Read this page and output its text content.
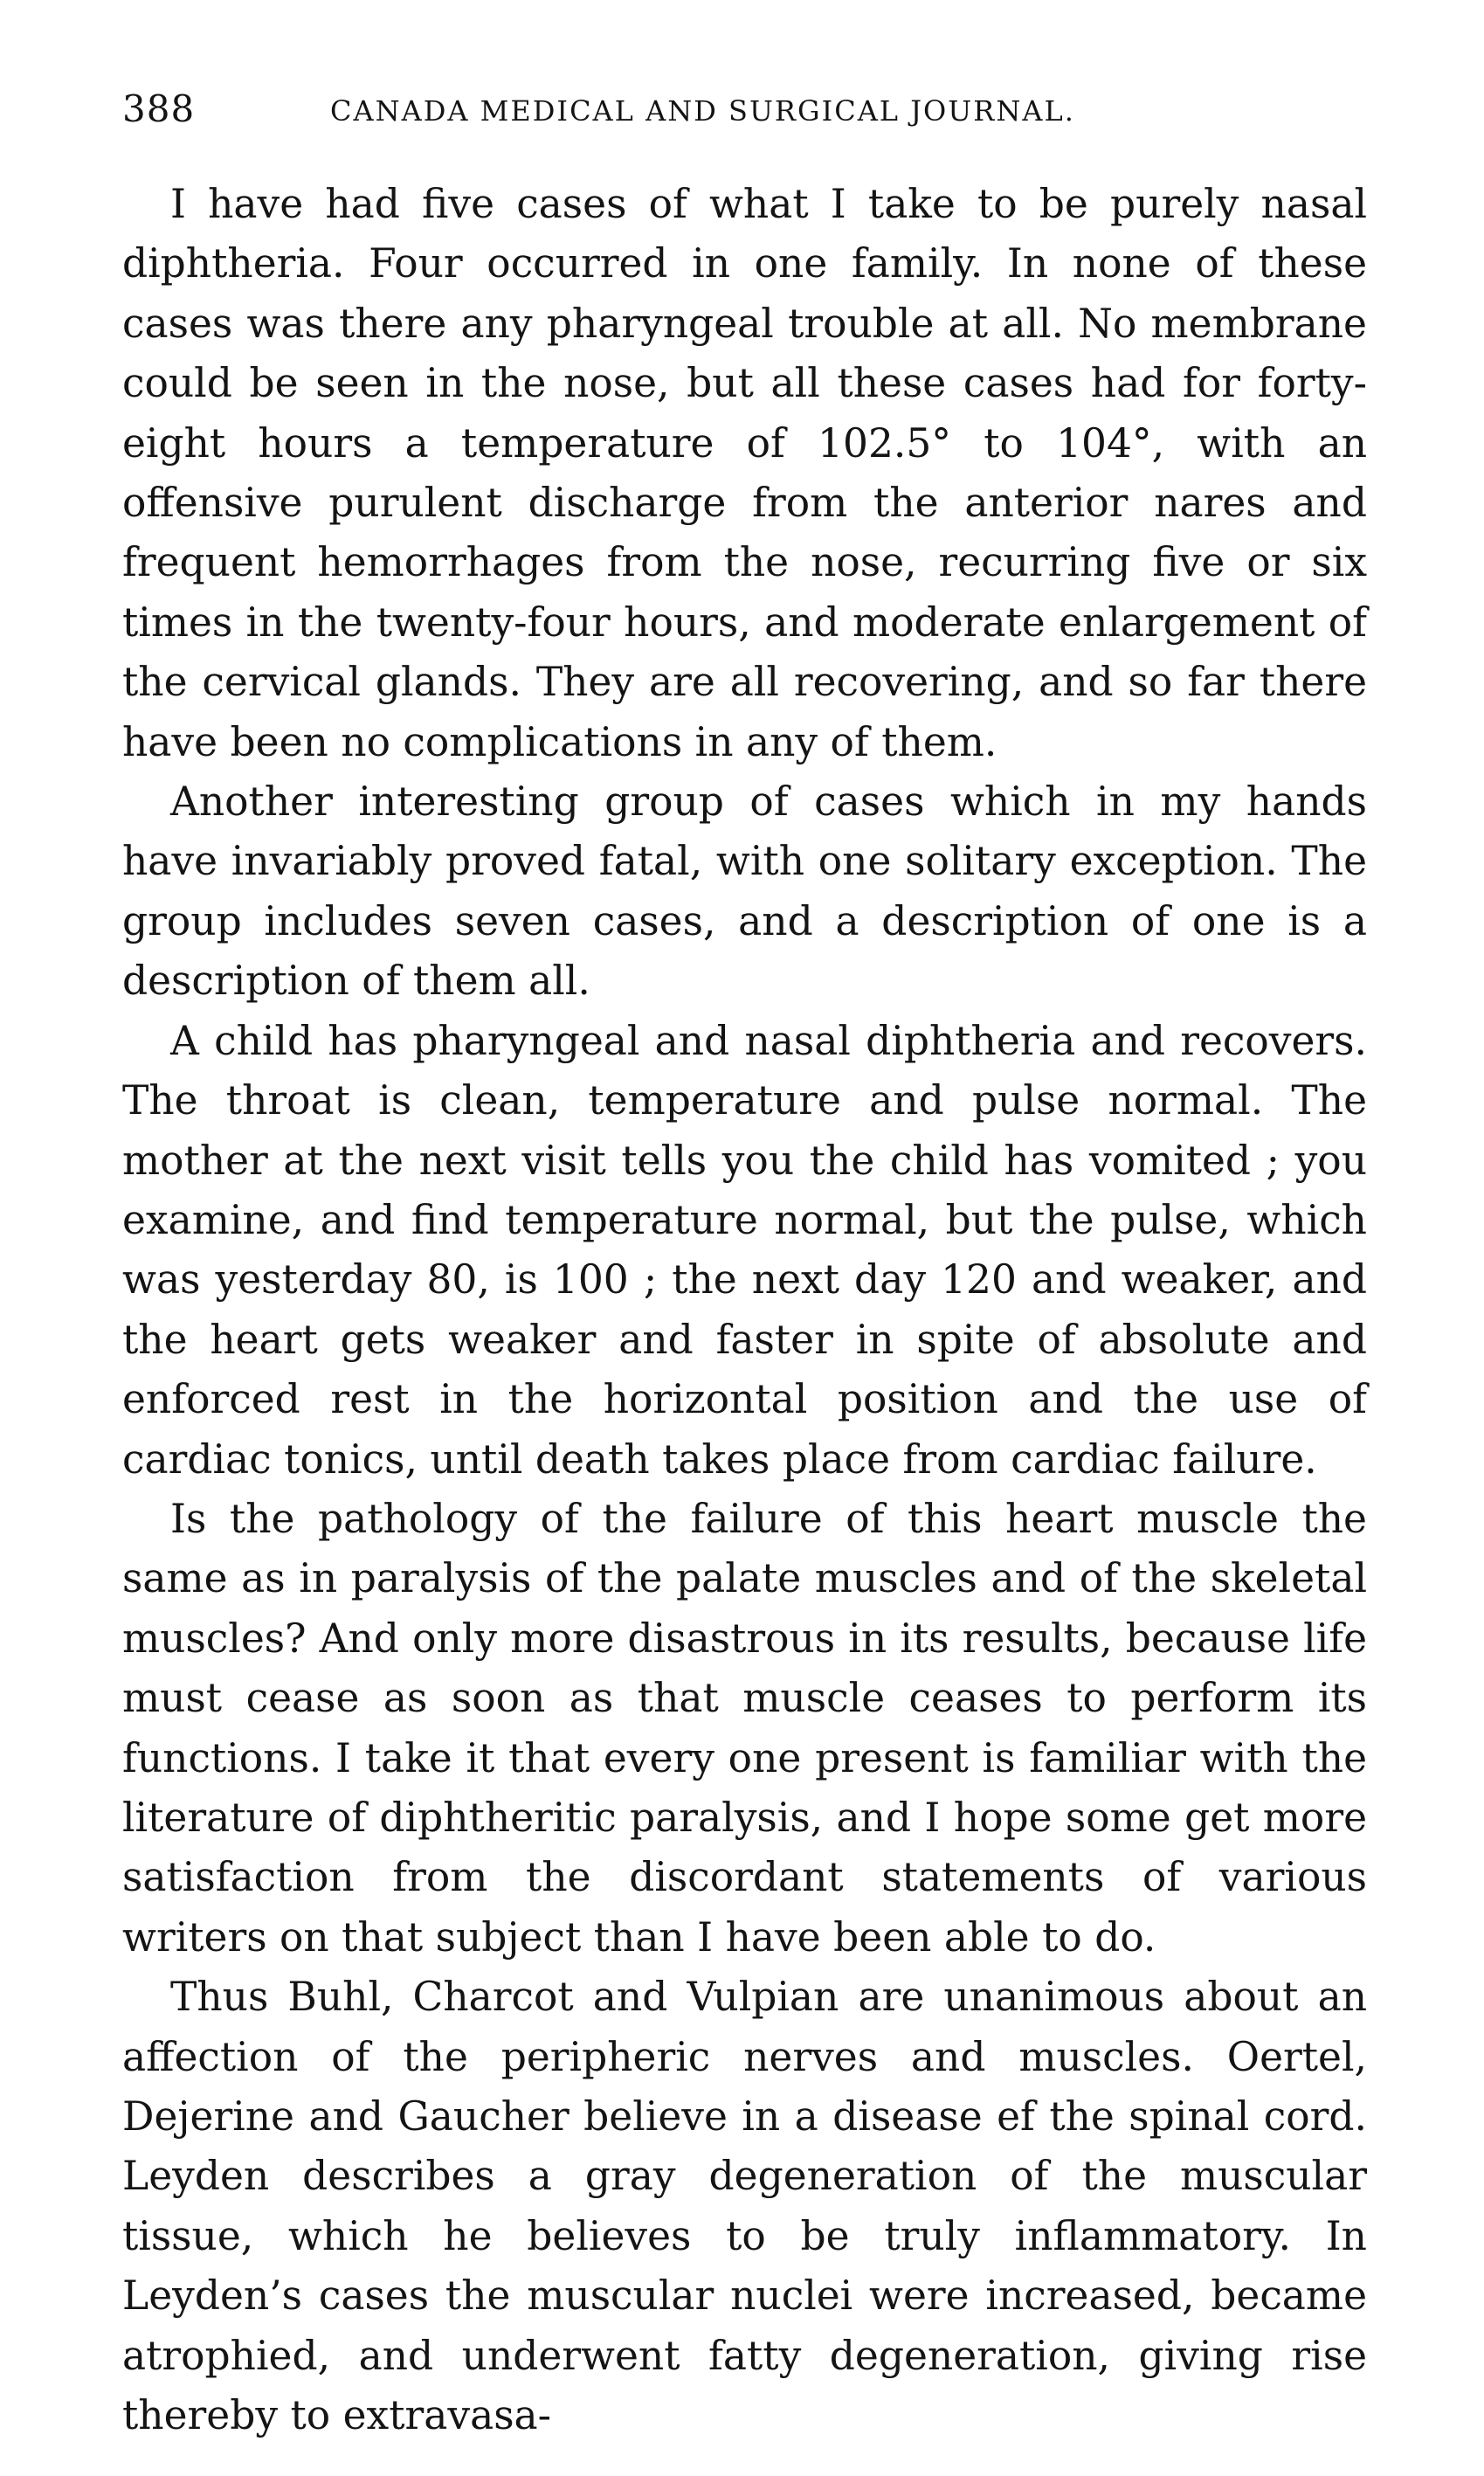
388	CANADA MEDICAL AND SURGICAL JOURNAL.

I have had five cases of what I take to be purely nasal diphtheria. Four occurred in one family. In none of these cases was there any pharyngeal trouble at all. No membrane could be seen in the nose, but all these cases had for forty-eight hours a temperature of 102.5° to 104°, with an offensive purulent discharge from the anterior nares and frequent hemorrhages from the nose, recurring five or six times in the twenty-four hours, and moderate enlargement of the cervical glands. They are all recovering, and so far there have been no complications in any of them.

Another interesting group of cases which in my hands have invariably proved fatal, with one solitary exception. The group includes seven cases, and a description of one is a description of them all.

A child has pharyngeal and nasal diphtheria and recovers. The throat is clean, temperature and pulse normal. The mother at the next visit tells you the child has vomited ; you examine, and find temperature normal, but the pulse, which was yesterday 80, is 100 ; the next day 120 and weaker, and the heart gets weaker and faster in spite of absolute and enforced rest in the horizontal position and the use of cardiac tonics, until death takes place from cardiac failure.

Is the pathology of the failure of this heart muscle the same as in paralysis of the palate muscles and of the skeletal muscles? And only more disastrous in its results, because life must cease as soon as that muscle ceases to perform its functions. I take it that every one present is familiar with the literature of diphtheritic paralysis, and I hope some get more satisfaction from the discordant statements of various writers on that subject than I have been able to do.

Thus Buhl, Charcot and Vulpian are unanimous about an affection of the peripheric nerves and muscles. Oertel, Dejerine and Gaucher believe in a disease ef the spinal cord. Leyden describes a gray degeneration of the muscular tissue, which he believes to be truly inflammatory. In Leyden’s cases the muscular nuclei were increased, became atrophied, and underwent fatty degeneration, giving rise thereby to extravasa-
